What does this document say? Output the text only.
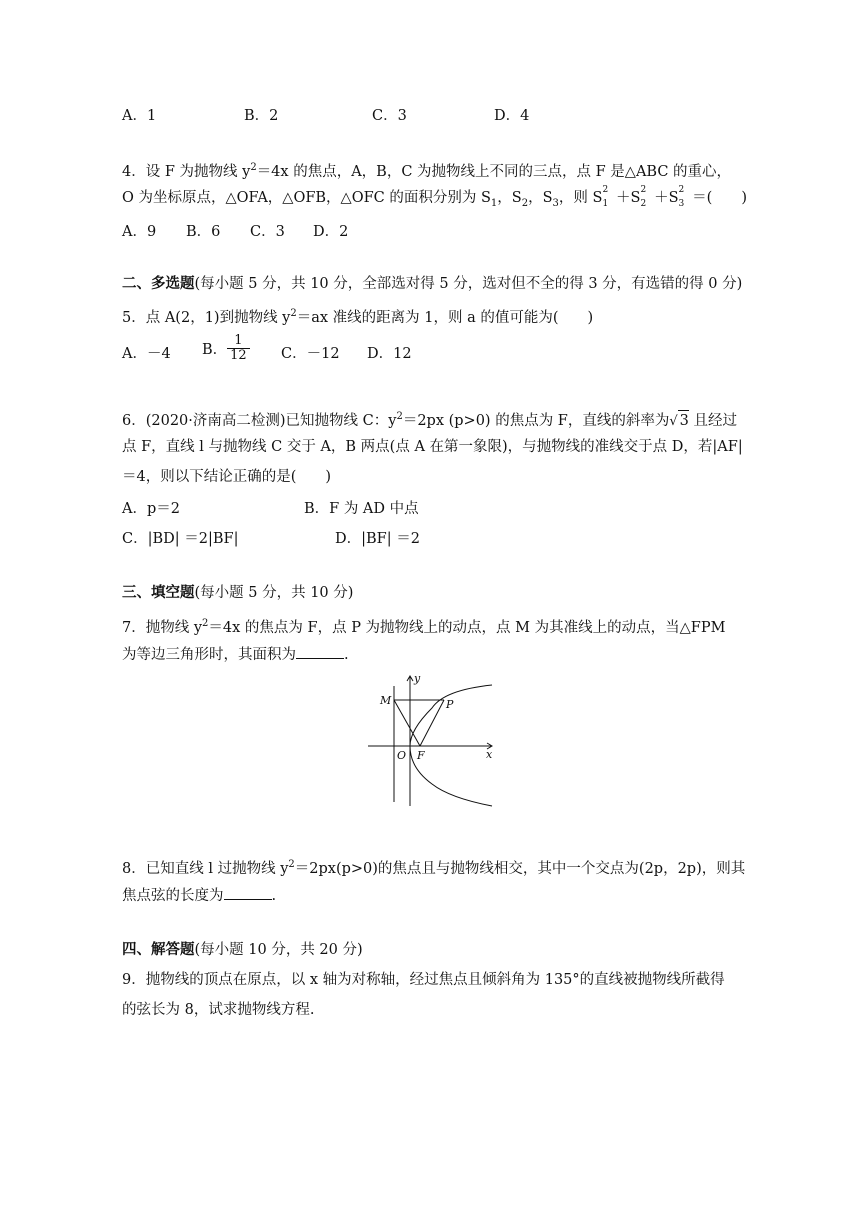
A．1	B．2	C．3	D．4
4．设 F 为抛物线 $y^2=4x$ 的焦点，A，B，C 为抛物线上不同的三点，点 F 是△ABC 的重心，
O 为坐标原点，△OFA，△OFB，△OFC 的面积分别为 $S_1$，$S_2$，$S_3$，则 S 2
1 ＋S 2
2 ＋S 2
3 ＝(　　)
A．9 B．6 C．3 D．2
二、多选题(每小题 5 分，共 10 分，全部选对得 5 分，选对但不全的得 3 分，有选错的得 0 分)
5．点 A(2，1)到抛物线 $y^2=ax$ 准线的距离为 1，则 a 的值可能为(　　)
A．－4 B． $\frac{1}{12}$ C．－12 D．12
6．(2020·济南高二检测)已知抛物线 C：$y^2=2px$ (p>0) 的焦点为 F，直线的斜率为√ 3 且经过
点 F，直线 l 与抛物线 C 交于 A，B 两点(点 A 在第一象限)，与抛物线的准线交于点 D，若|AF|
＝4，则以下结论正确的是(　　)
A．p＝2	B．F 为 AD 中点
C．|BD| ＝2|BF|	D．|BF| ＝2
三、填空题(每小题 5 分，共 10 分)
7．抛物线 $y^2=4x$ 的焦点为 F，点 P 为抛物线上的动点，点 M 为其准线上的动点，当△FPM
为等边三角形时，其面积为	.
y
x
M	P
O F
8．已知直线 l 过抛物线 $y^2=2px(p>0)$的焦点且与抛物线相交，其中一个交点为(2p，2p)，则其
焦点弦的长度为	.
四、解答题(每小题 10 分，共 20 分)
9．抛物线的顶点在原点，以 x 轴为对称轴，经过焦点且倾斜角为 135°的直线被抛物线所截得
的弦长为 8，试求抛物线方程.
